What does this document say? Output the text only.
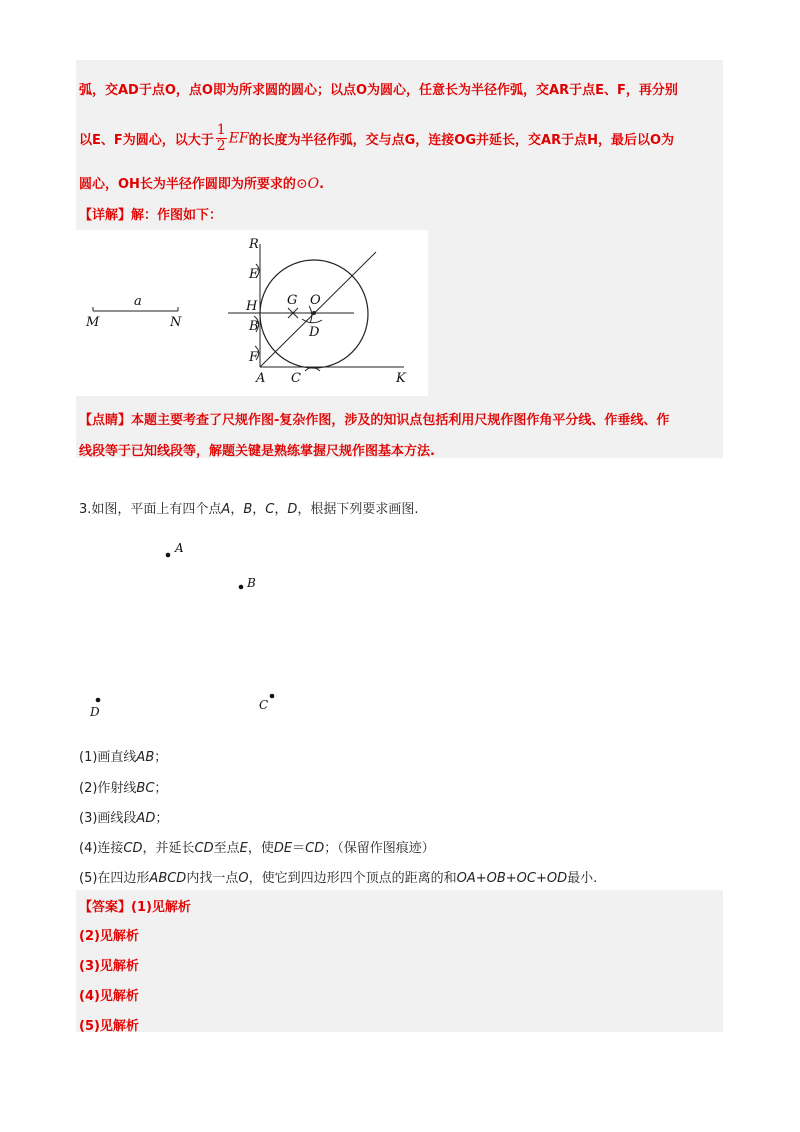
弧，交AD于点O，点O即为所求圆的圆心；以点O为圆心，任意长为半径作弧，交AR于点E、F，再分别
以E、F为圆心，以大于 $\frac{1}{2}$ EF的长度为半径作弧，交与点G，连接OG并延长，交AR于点H，最后以O为
圆心，OH长为半径作圆即为所要求的⊙O.
【详解】解：作图如下：
a
M	N
R
E
H G O
B	D
F
A C	K
【点睛】本题主要考查了尺规作图-复杂作图，涉及的知识点包括利用尺规作图作角平分线、作垂线、作
线段等于已知线段等，解题关键是熟练掌握尺规作图基本方法.
3.如图，平面上有四个点A，B，C，D，根据下列要求画图.
A
B
C
D
(1)画直线AB；
(2)作射线BC；
(3)画线段AD；
(4)连接CD，并延长CD至点E，使DE＝CD；（保留作图痕迹）
(5)在四边形ABCD内找一点O，使它到四边形四个顶点的距离的和OA+OB+OC+OD最小.
【答案】(1)见解析
(2)见解析
(3)见解析
(4)见解析
(5)见解析
